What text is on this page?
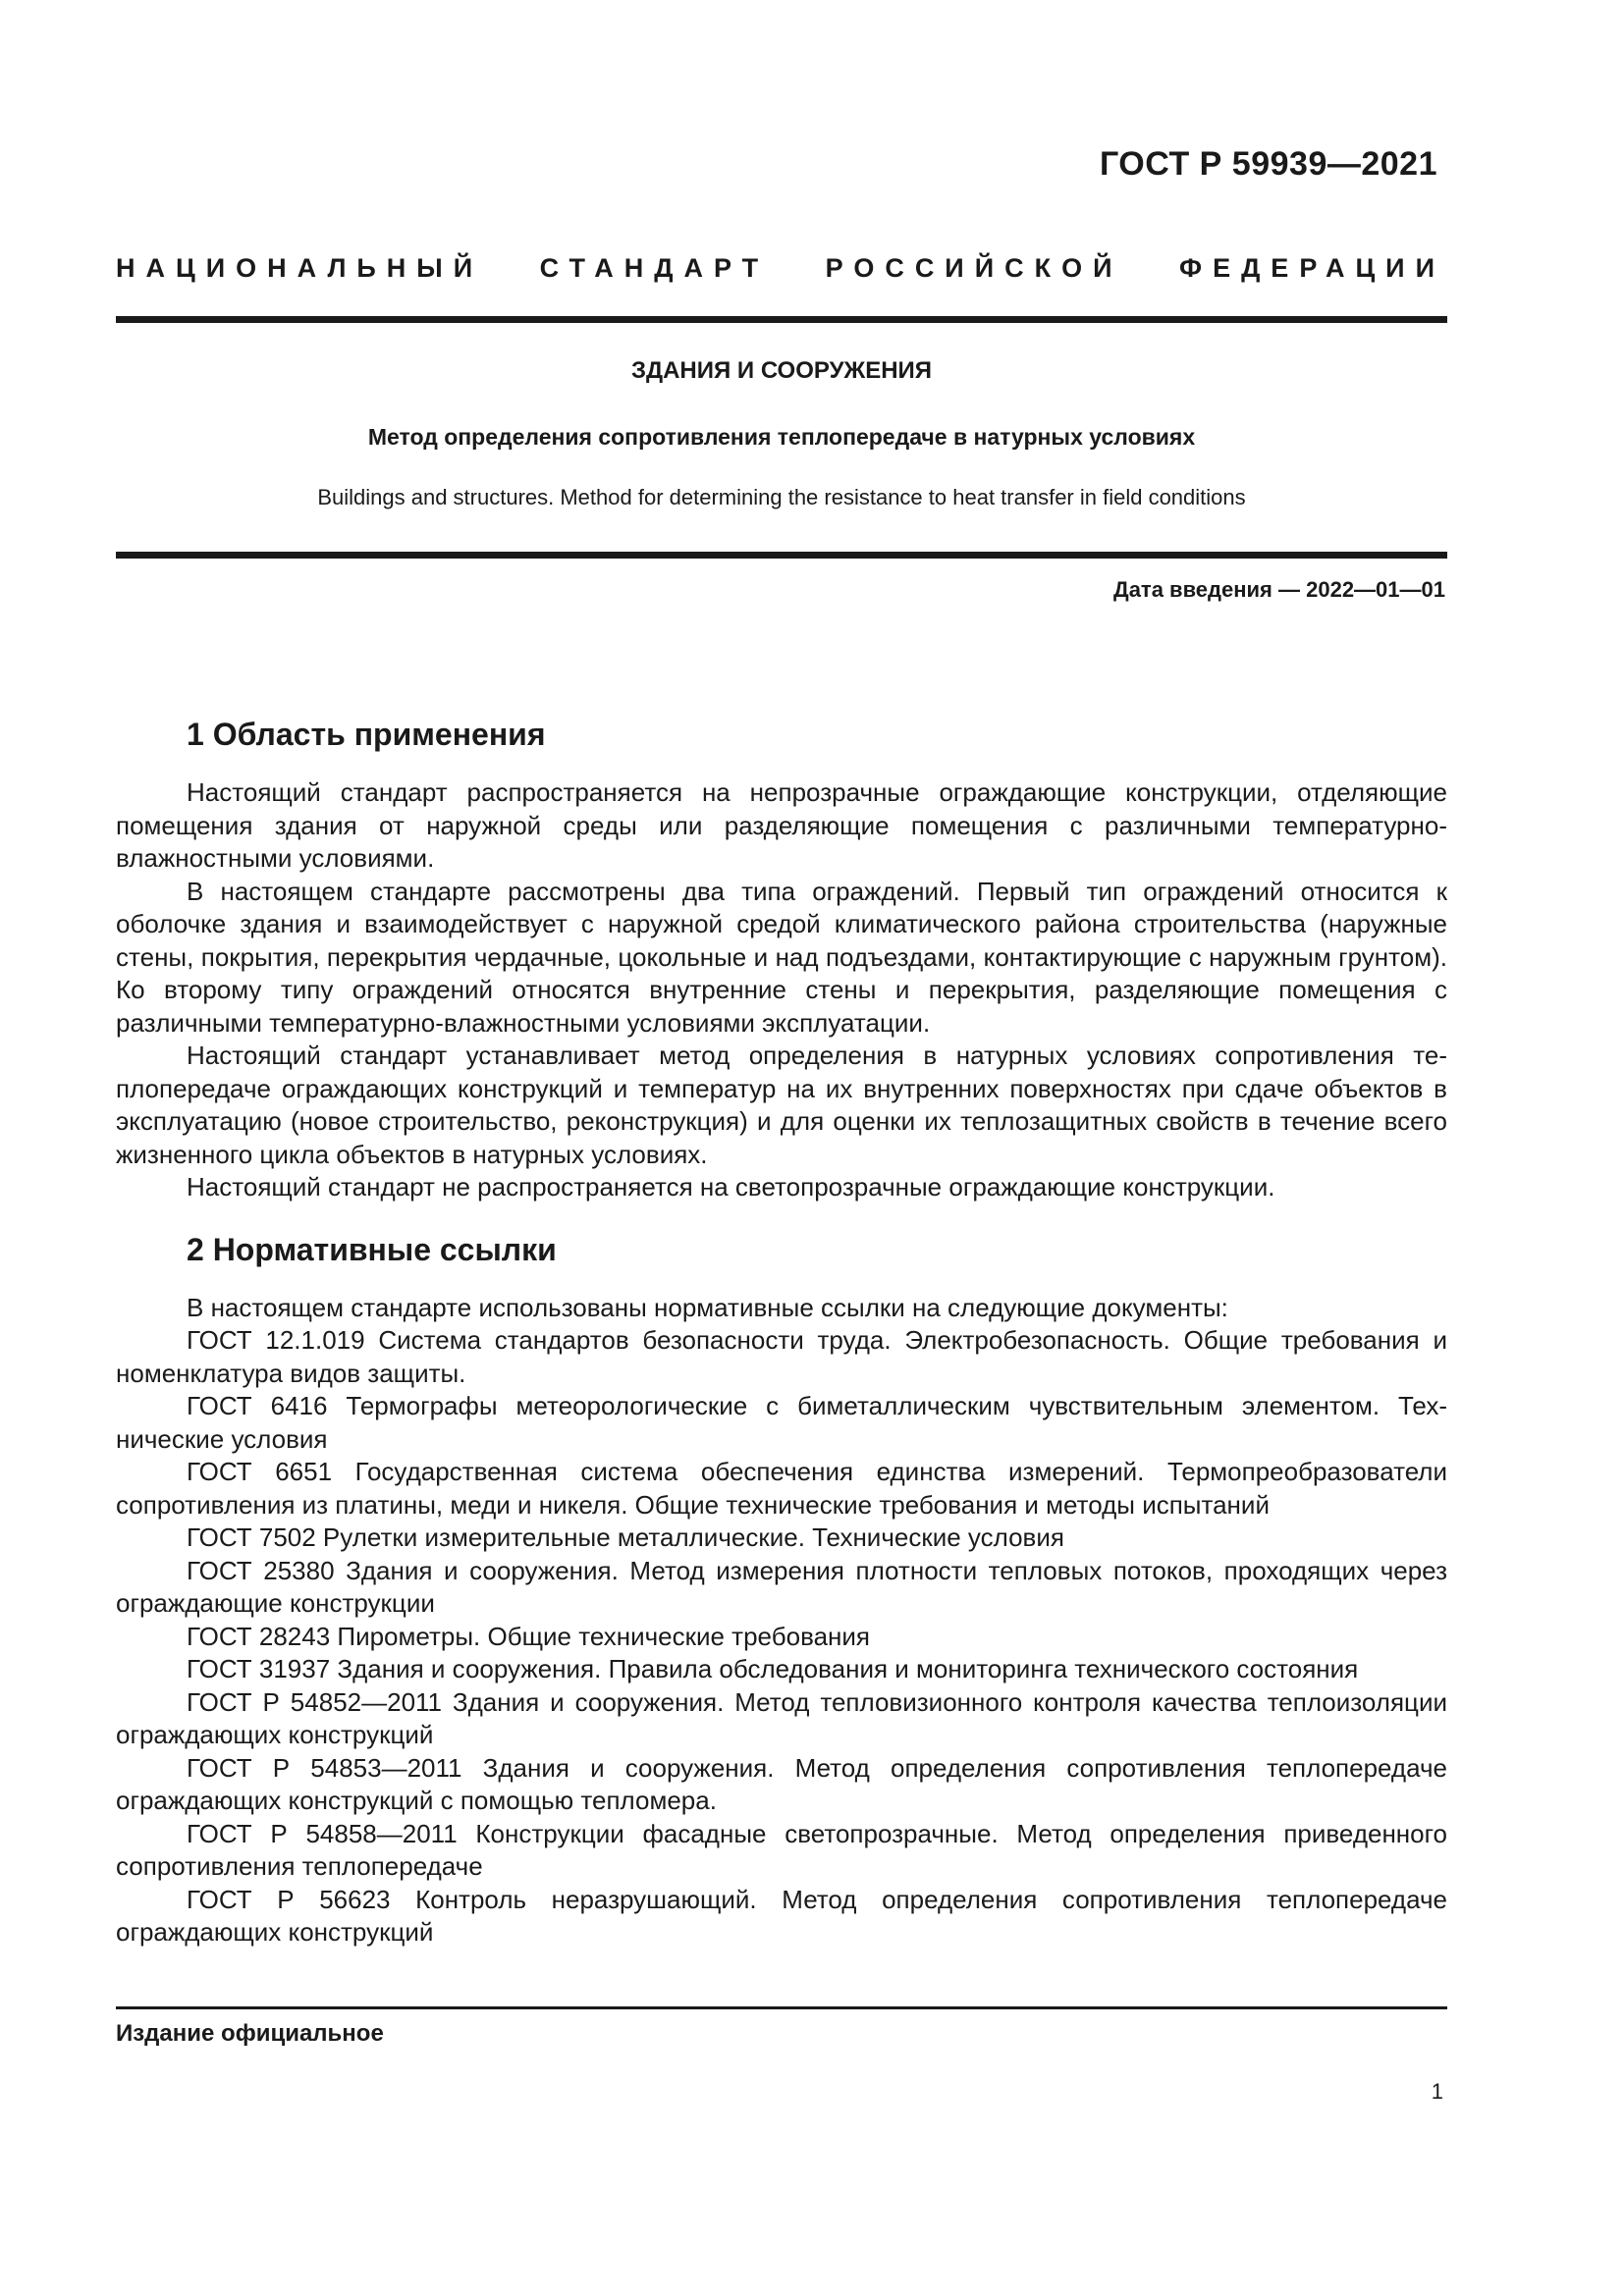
ГОСТ Р 59939—2021
НАЦИОНАЛЬНЫЙ СТАНДАРТ РОССИЙСКОЙ ФЕДЕРАЦИИ
ЗДАНИЯ И СООРУЖЕНИЯ
Метод определения сопротивления теплопередаче в натурных условиях
Buildings and structures. Method for determining the resistance to heat transfer in field conditions
Дата введения — 2022—01—01
1 Область применения

Настоящий стандарт распространяется на непрозрачные ограждающие конструкции, отделяющие помещения здания от наружной среды или разделяющие помещения с различными температурно-влажностными условиями.

В настоящем стандарте рассмотрены два типа ограждений. Первый тип ограждений относится к оболочке здания и взаимодействует с наружной средой климатического района строительства (наружные стены, покрытия, перекрытия чердачные, цокольные и над подъездами, контактирующие с наружным грунтом). Ко второму типу ограждений относятся внутренние стены и перекрытия, разделяющие помещения с различными температурно-влажностными условиями эксплуатации.

Настоящий стандарт устанавливает метод определения в натурных условиях сопротивления теплопередаче ограждающих конструкций и температур на их внутренних поверхностях при сдаче объектов в эксплуатацию (новое строительство, реконструкция) и для оценки их теплозащитных свойств в течение всего жизненного цикла объектов в натурных условиях.

Настоящий стандарт не распространяется на светопрозрачные ограждающие конструкции.

2 Нормативные ссылки

В настоящем стандарте использованы нормативные ссылки на следующие документы:

ГОСТ 12.1.019 Система стандартов безопасности труда. Электробезопасность. Общие требования и номенклатура видов защиты.

ГОСТ 6416 Термографы метеорологические с биметаллическим чувствительным элементом. Технические условия

ГОСТ 6651 Государственная система обеспечения единства измерений. Термопреобразователи сопротивления из платины, меди и никеля. Общие технические требования и методы испытаний

ГОСТ 7502 Рулетки измерительные металлические. Технические условия

ГОСТ 25380 Здания и сооружения. Метод измерения плотности тепловых потоков, проходящих через ограждающие конструкции

ГОСТ 28243 Пирометры. Общие технические требования

ГОСТ 31937 Здания и сооружения. Правила обследования и мониторинга технического состояния

ГОСТ Р 54852—2011 Здания и сооружения. Метод тепловизионного контроля качества теплоизоляции ограждающих конструкций

ГОСТ Р 54853—2011 Здания и сооружения. Метод определения сопротивления теплопередаче ограждающих конструкций с помощью тепломера.

ГОСТ Р 54858—2011 Конструкции фасадные светопрозрачные. Метод определения приведенного сопротивления теплопередаче

ГОСТ Р 56623 Контроль неразрушающий. Метод определения сопротивления теплопередаче ограждающих конструкций

Издание официальное
1
